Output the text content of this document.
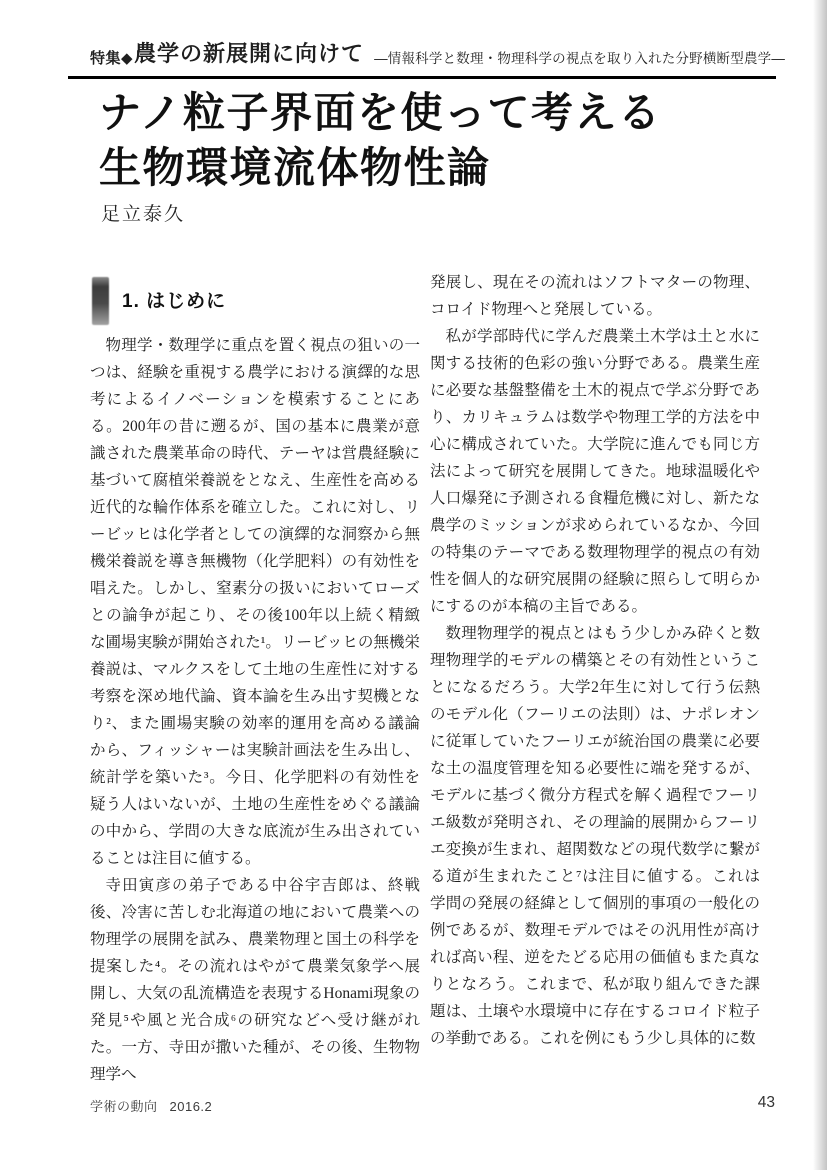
特集◆ 農学の新展開に向けて ―情報科学と数理・物理科学の視点を取り入れた分野横断型農学―
ナノ粒子界面を使って考える
生物環境流体物性論
足立泰久
1. はじめに

物理学・数理学に重点を置く視点の狙いの一つは、経験を重視する農学における演繹的な思考によるイノベーションを模索することにある。200年の昔に遡るが、国の基本に農業が意識された農業革命の時代、テーヤは営農経験に基づいて腐植栄養説をとなえ、生産性を高める近代的な輪作体系を確立した。これに対し、リービッヒは化学者としての演繹的な洞察から無機栄養説を導き無機物（化学肥料）の有効性を唱えた。しかし、窒素分の扱いにおいてローズとの論争が起こり、その後100年以上続く精緻な圃場実験が開始された¹。リービッヒの無機栄養説は、マルクスをして土地の生産性に対する考察を深め地代論、資本論を生み出す契機となり²、また圃場実験の効率的運用を高める議論から、フィッシャーは実験計画法を生み出し、統計学を築いた³。今日、化学肥料の有効性を疑う人はいないが、土地の生産性をめぐる議論の中から、学問の大きな底流が生み出されていることは注目に値する。

寺田寅彦の弟子である中谷宇吉郎は、終戦後、冷害に苦しむ北海道の地において農業への物理学の展開を試み、農業物理と国土の科学を提案した⁴。その流れはやがて農業気象学へ展開し、大気の乱流構造を表現するHonami現象の発見⁵や風と光合成⁶の研究などへ受け継がれた。一方、寺田が撒いた種が、その後、生物物理学へ

発展し、現在その流れはソフトマターの物理、コロイド物理へと発展している。

私が学部時代に学んだ農業土木学は土と水に関する技術的色彩の強い分野である。農業生産に必要な基盤整備を土木的視点で学ぶ分野であり、カリキュラムは数学や物理工学的方法を中心に構成されていた。大学院に進んでも同じ方法によって研究を展開してきた。地球温暖化や人口爆発に予測される食糧危機に対し、新たな農学のミッションが求められているなか、今回の特集のテーマである数理物理学的視点の有効性を個人的な研究展開の経験に照らして明らかにするのが本稿の主旨である。

数理物理学的視点とはもう少しかみ砕くと数理物理学的モデルの構築とその有効性ということになるだろう。大学2年生に対して行う伝熱のモデル化（フーリエの法則）は、ナポレオンに従軍していたフーリエが統治国の農業に必要な土の温度管理を知る必要性に端を発するが、モデルに基づく微分方程式を解く過程でフーリエ級数が発明され、その理論的展開からフーリエ変換が生まれ、超関数などの現代数学に繋がる道が生まれたこと⁷は注目に値する。これは学問の発展の経緯として個別的事項の一般化の例であるが、数理モデルではその汎用性が高ければ高い程、逆をたどる応用の価値もまた真なりとなろう。これまで、私が取り組んできた課題は、土壌や水環境中に存在するコロイド粒子の挙動である。これを例にもう少し具体的に数

学術の動向 2016.2	43
